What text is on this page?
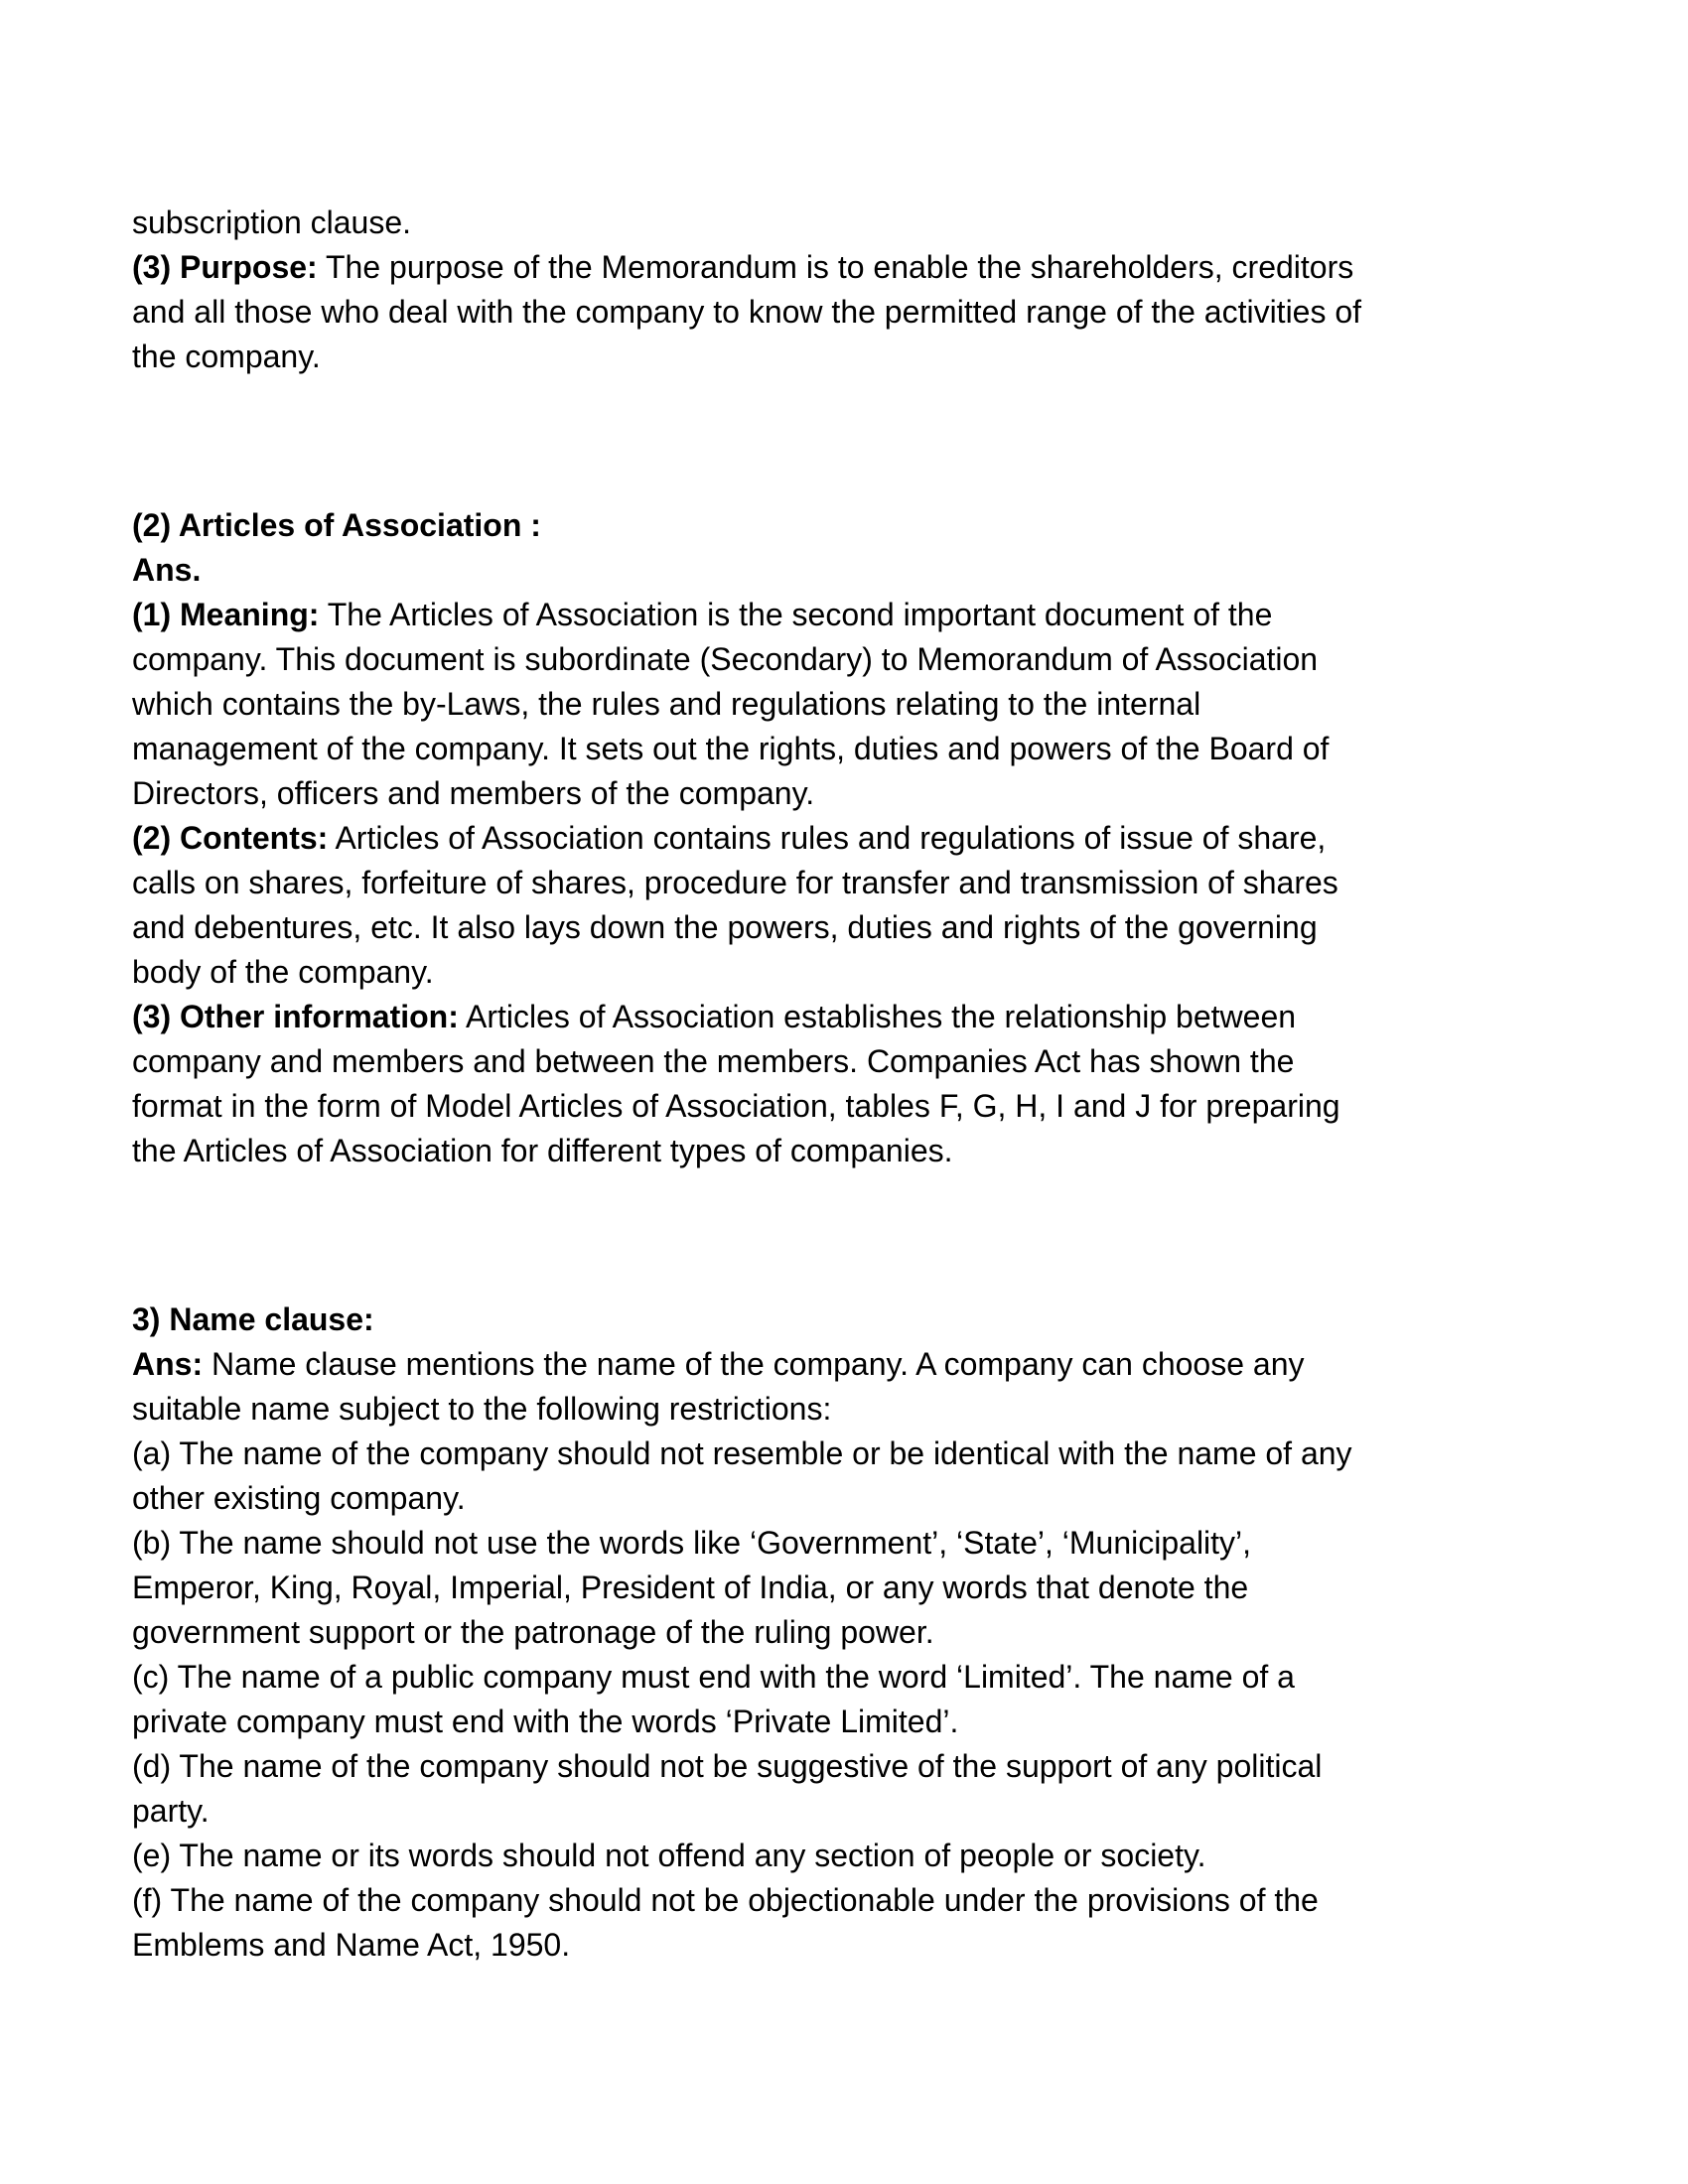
subscription clause.
(3) Purpose: The purpose of the Memorandum is to enable the shareholders, creditors
and all those who deal with the company to know the permitted range of the activities of
the company.
(2) Articles of Association :
Ans.
(1) Meaning: The Articles of Association is the second important document of the
company. This document is subordinate (Secondary) to Memorandum of Association
which contains the by-Laws, the rules and regulations relating to the internal
management of the company. It sets out the rights, duties and powers of the Board of
Directors, officers and members of the company.
(2) Contents: Articles of Association contains rules and regulations of issue of share,
calls on shares, forfeiture of shares, procedure for transfer and transmission of shares
and debentures, etc. It also lays down the powers, duties and rights of the governing
body of the company.
(3) Other information: Articles of Association establishes the relationship between
company and members and between the members. Companies Act has shown the
format in the form of Model Articles of Association, tables F, G, H, I and J for preparing
the Articles of Association for different types of companies.
3) Name clause:
Ans: Name clause mentions the name of the company. A company can choose any
suitable name subject to the following restrictions:
(a) The name of the company should not resemble or be identical with the name of any
other existing company.
(b) The name should not use the words like ‘Government’, ‘State’, ‘Municipality’,
Emperor, King, Royal, Imperial, President of India, or any words that denote the
government support or the patronage of the ruling power.
(c) The name of a public company must end with the word ‘Limited’. The name of a
private company must end with the words ‘Private Limited’.
(d) The name of the company should not be suggestive of the support of any political
party.
(e) The name or its words should not offend any section of people or society.
(f) The name of the company should not be objectionable under the provisions of the
Emblems and Name Act, 1950.
